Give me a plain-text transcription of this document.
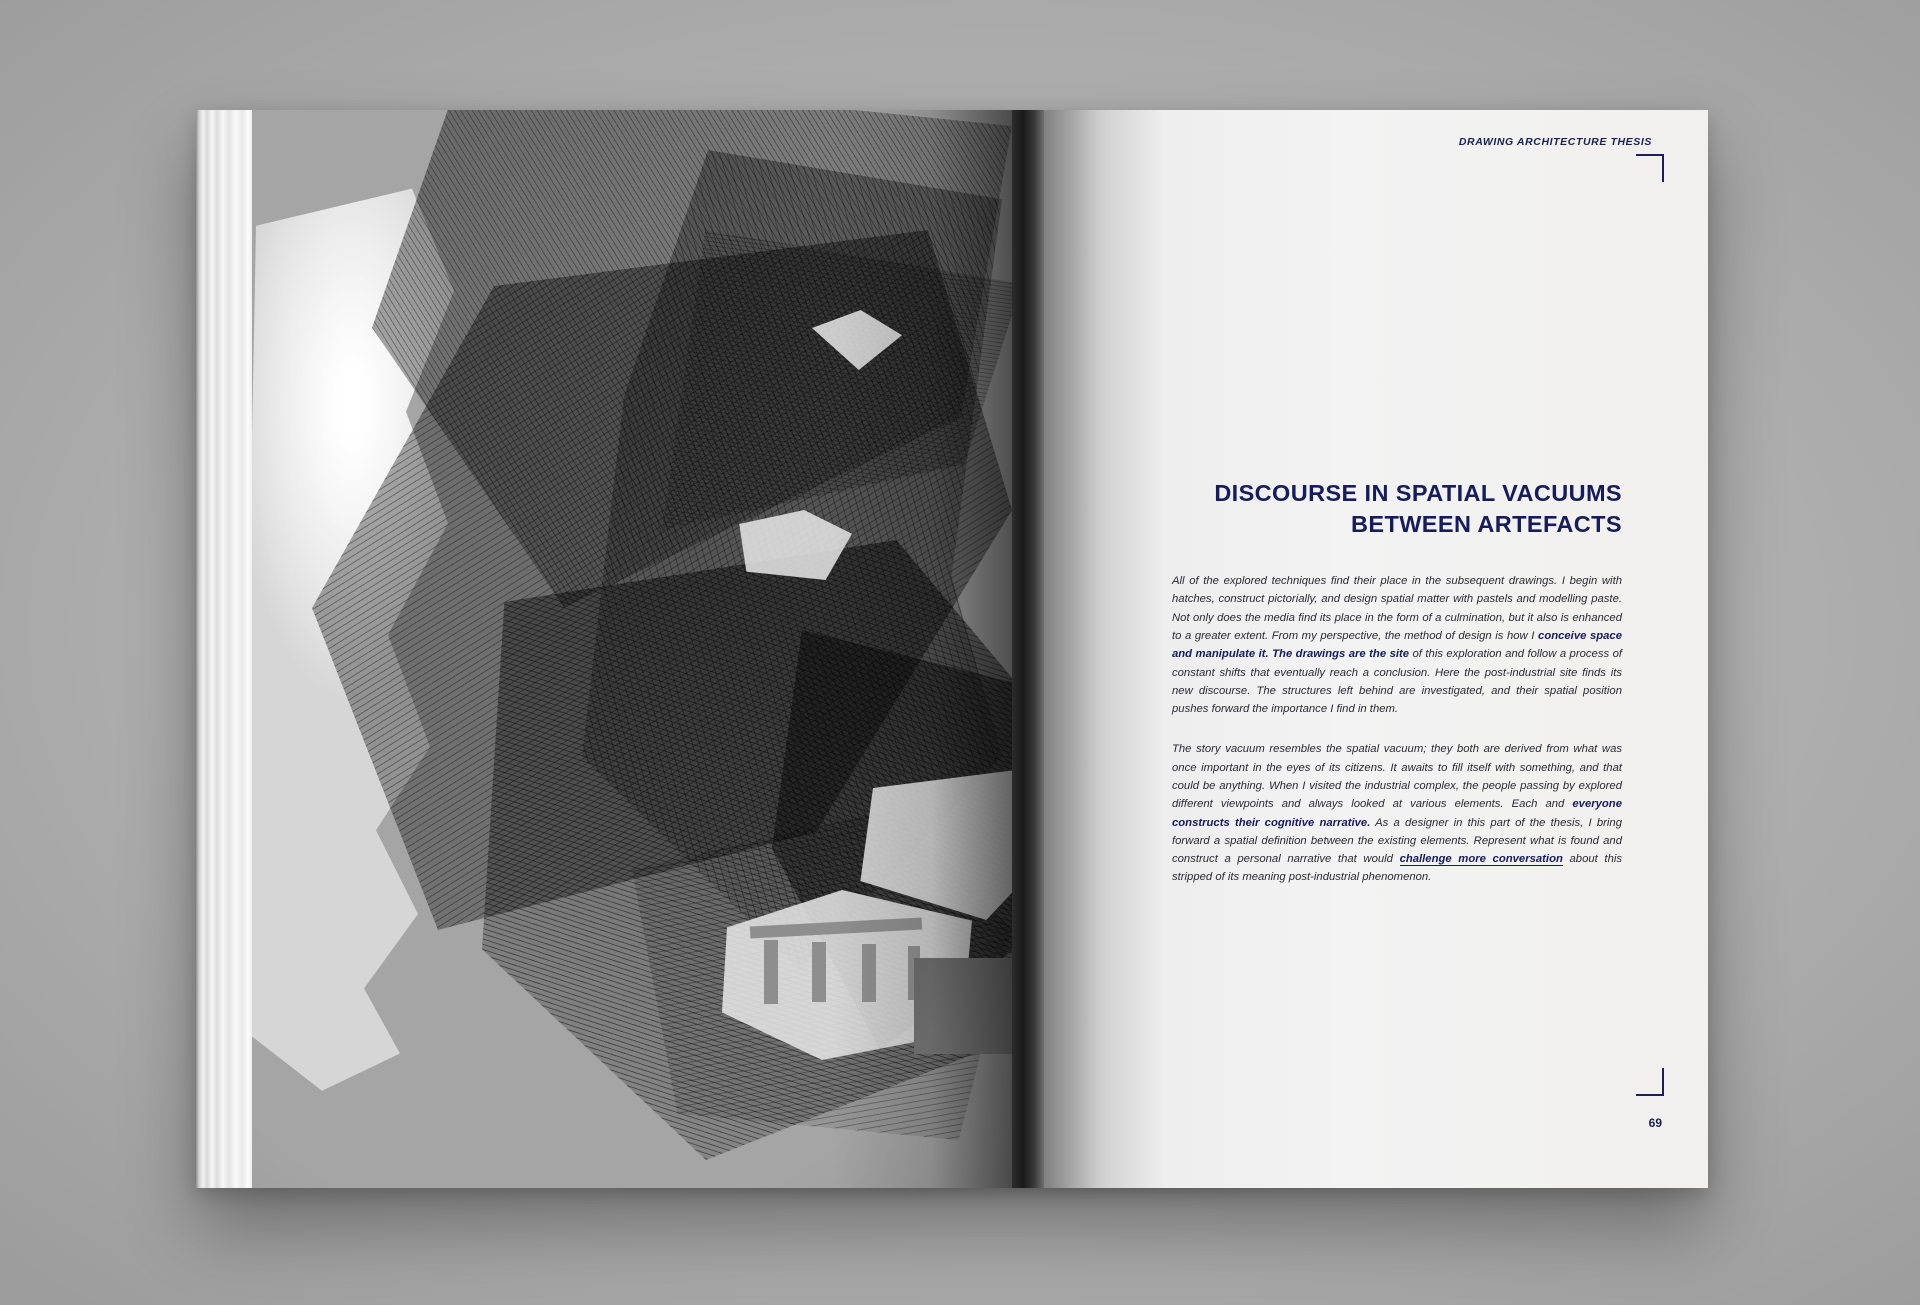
DRAWING ARCHITECTURE THESIS
DISCOURSE IN SPATIAL VACUUMS BETWEEN ARTEFACTS

All of the explored techniques find their place in the subsequent drawings. I begin with hatches, construct pictorially, and design spatial matter with pastels and modelling paste. Not only does the media find its place in the form of a culmination, but it also is enhanced to a greater extent. From my perspective, the method of design is how I conceive space and manipulate it. The drawings are the site of this exploration and follow a process of constant shifts that eventually reach a conclusion. Here the post-industrial site finds its new discourse. The structures left behind are investigated, and their spatial position pushes forward the importance I find in them.

The story vacuum resembles the spatial vacuum; they both are derived from what was once important in the eyes of its citizens. It awaits to fill itself with something, and that could be anything. When I visited the industrial complex, the people passing by explored different viewpoints and always looked at various elements. Each and everyone constructs their cognitive narrative. As a designer in this part of the thesis, I bring forward a spatial definition between the existing elements. Represent what is found and construct a personal narrative that would challenge more conversation about this stripped of its meaning post-industrial phenomenon.

69
